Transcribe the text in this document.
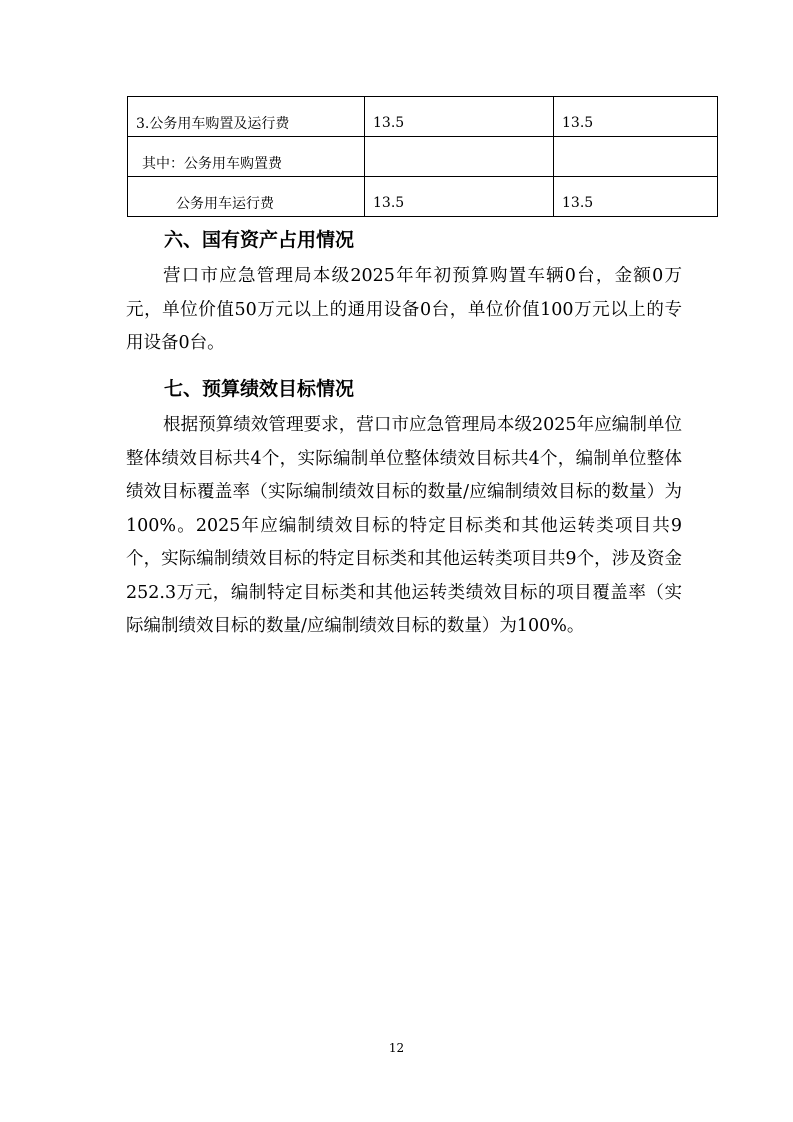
3.公务用车购置及运行费	13.5	13.5
其中：公务用车购置费		
公务用车运行费	13.5	13.5
六、国有资产占用情况

营口市应急管理局本级2025年年初预算购置车辆0台，金额0万元，单位价值50万元以上的通用设备0台，单位价值100万元以上的专用设备0台。

七、预算绩效目标情况

根据预算绩效管理要求，营口市应急管理局本级2025年应编制单位整体绩效目标共4个，实际编制单位整体绩效目标共4个，编制单位整体绩效目标覆盖率（实际编制绩效目标的数量/应编制绩效目标的数量）为100%。2025年应编制绩效目标的特定目标类和其他运转类项目共9个，实际编制绩效目标的特定目标类和其他运转类项目共9个，涉及资金252.3万元，编制特定目标类和其他运转类绩效目标的项目覆盖率（实际编制绩效目标的数量/应编制绩效目标的数量）为100%。

12
